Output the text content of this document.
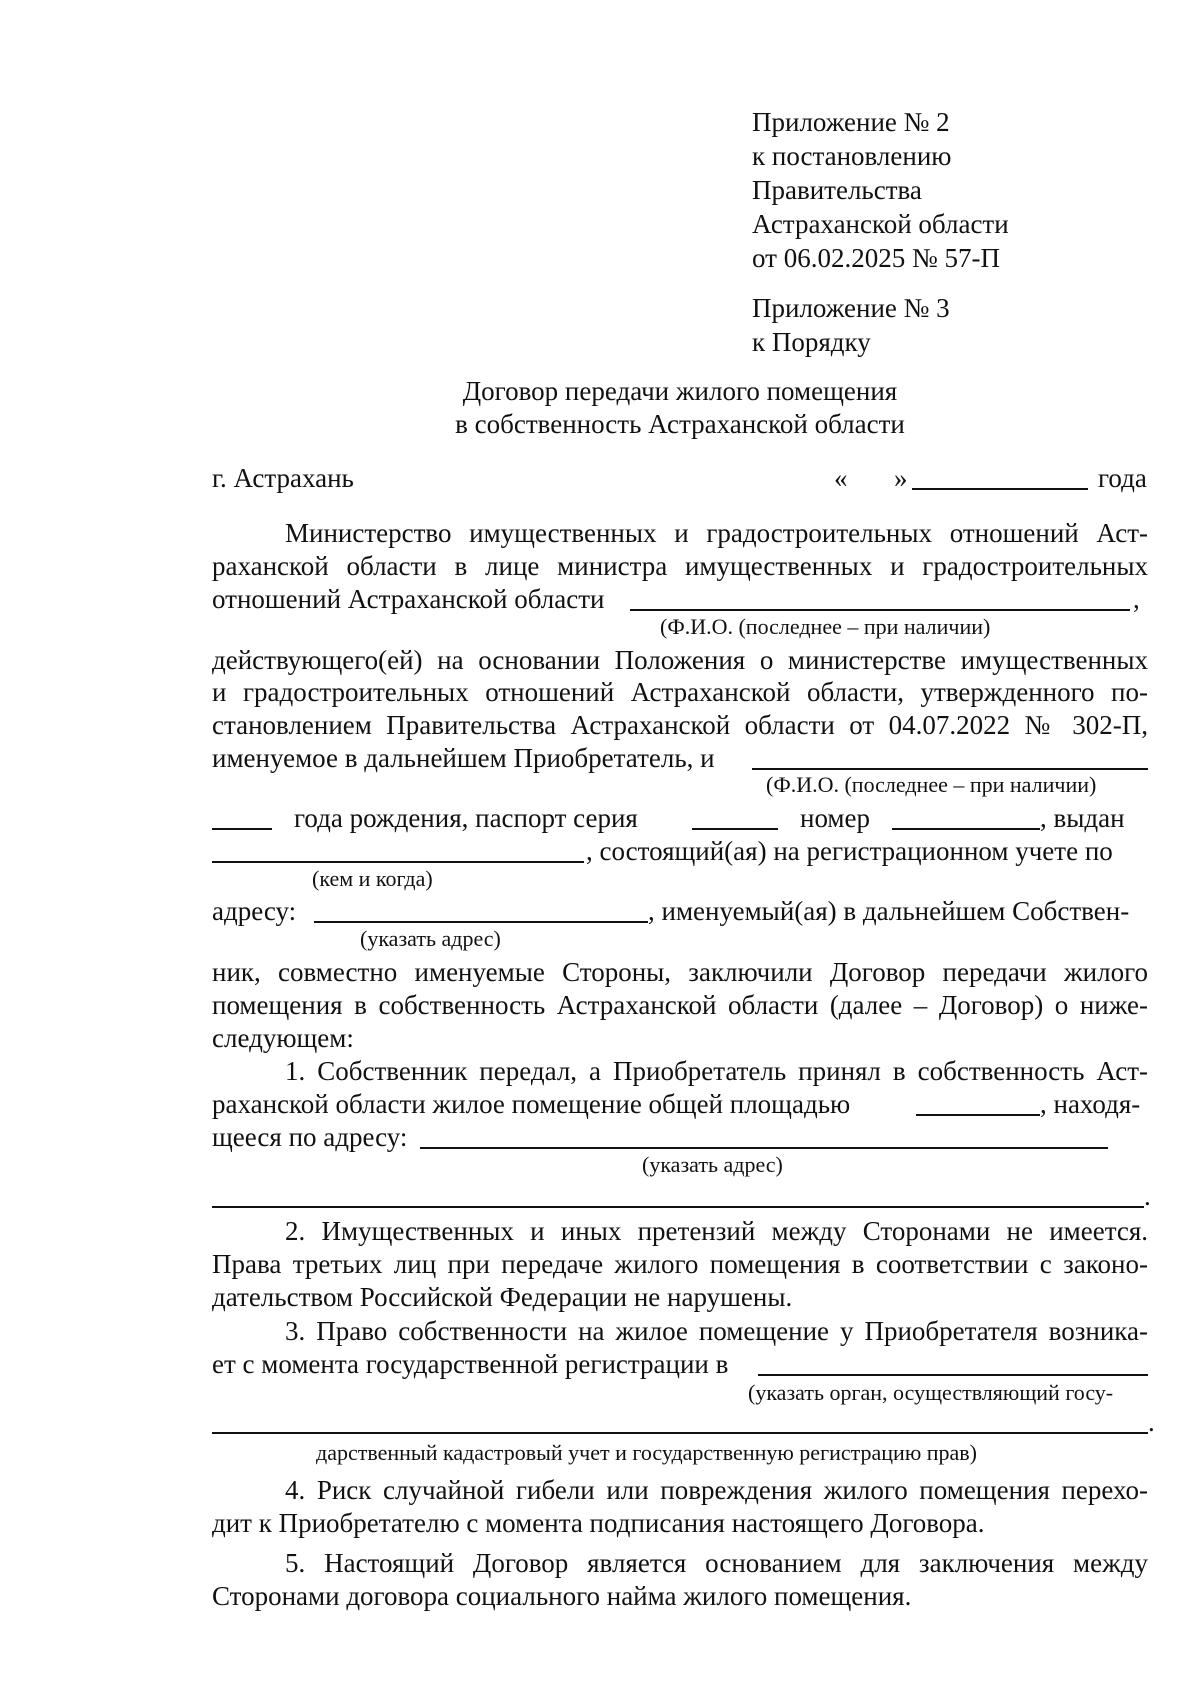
Приложение № 2
к постановлению
Правительства
Астраханской области
от 06.02.2025 № 57-П
Приложение № 3
к Порядку
Договор передачи жилого помещения
в собственность Астраханской области
г. Астрахань	« »	года
Министерство имущественных и градостроительных отношений Аст-
раханской области в лице министра имущественных и градостроительных
отношений Астраханской области	,
(Ф.И.О. (последнее – при наличии)
действующего(ей) на основании Положения о министерстве имущественных
и градостроительных отношений Астраханской области, утвержденного по-
становлением Правительства Астраханской области от 04.07.2022 № 302-П,
именуемое в дальнейшем Приобретатель, и
(Ф.И.О. (последнее – при наличии)
года рождения, паспорт серия	номер	, выдан
, состоящий(ая) на регистрационном учете по
(кем и когда)
адресу:	, именуемый(ая) в дальнейшем Собствен-
(указать адрес)
ник, совместно именуемые Стороны, заключили Договор передачи жилого
помещения в собственность Астраханской области (далее – Договор) о ниже-
следующем:
1. Собственник передал, а Приобретатель принял в собственность Аст-
раханской области жилое помещение общей площадью	, находя-
щееся по адресу:
(указать адрес)
.
2. Имущественных и иных претензий между Сторонами не имеется.
Права третьих лиц при передаче жилого помещения в соответствии с законо-
дательством Российской Федерации не нарушены.
3. Право собственности на жилое помещение у Приобретателя возника-
ет с момента государственной регистрации в
(указать орган, осуществляющий госу-
.
дарственный кадастровый учет и государственную регистрацию прав)
4. Риск случайной гибели или повреждения жилого помещения перехо-
дит к Приобретателю с момента подписания настоящего Договора.
5. Настоящий Договор является основанием для заключения между
Сторонами договора социального найма жилого помещения.
